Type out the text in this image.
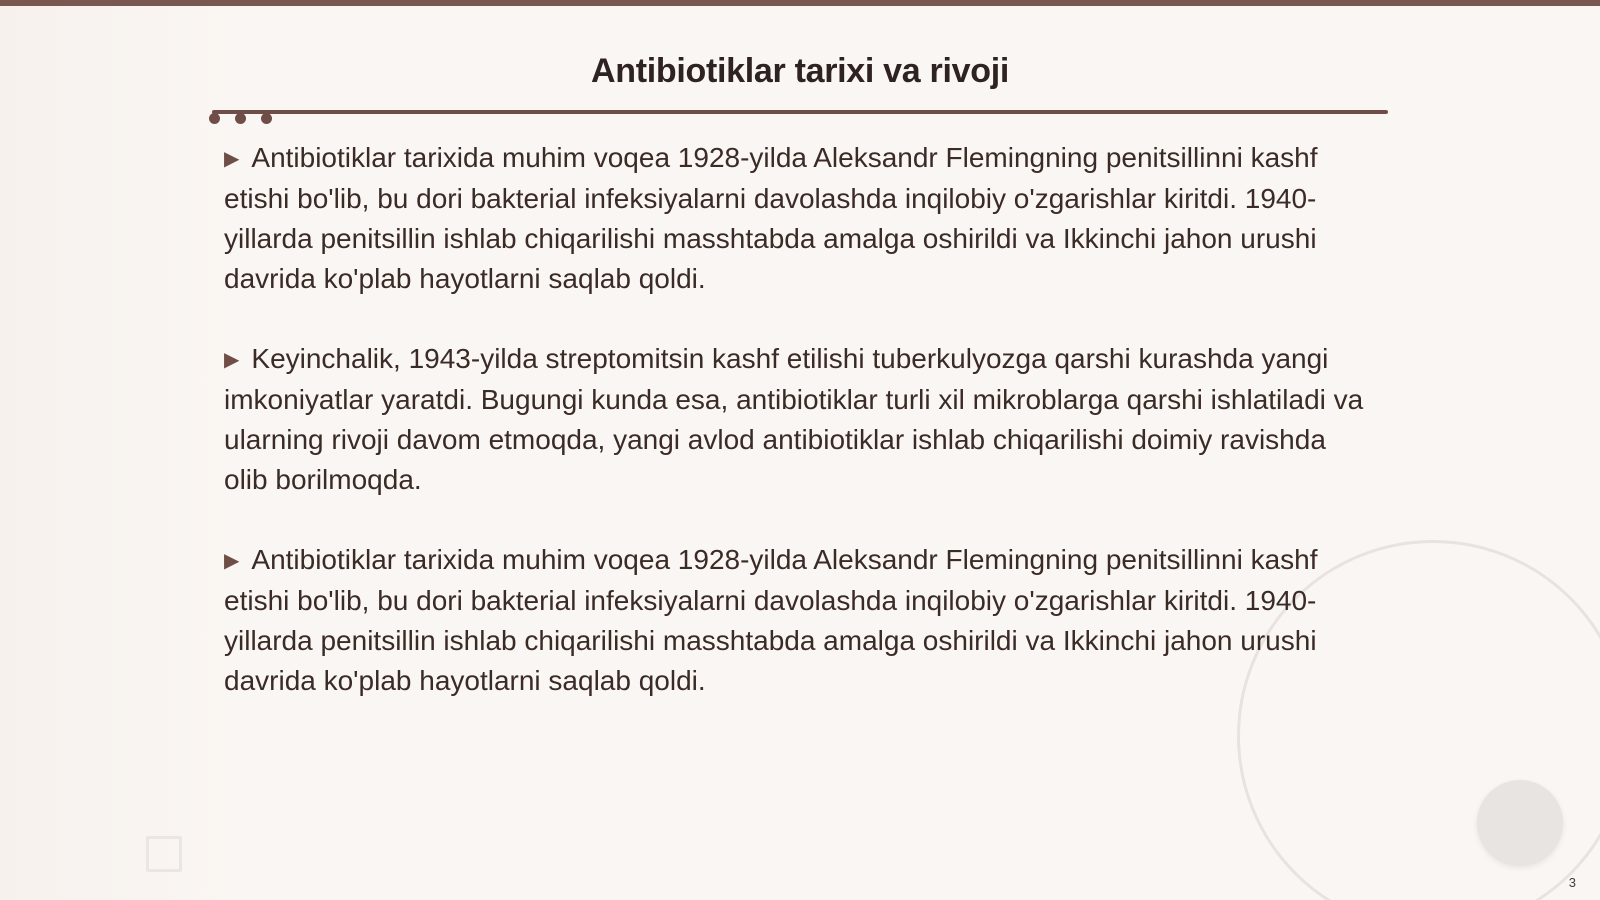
Antibiotiklar tarixi va rivoji

▶ Antibiotiklar tarixida muhim voqea 1928-yilda Aleksandr Flemingning penitsillinni kashf etishi bo'lib, bu dori bakterial infeksiyalarni davolashda inqilobiy o'zgarishlar kiritdi. 1940-yillarda penitsillin ishlab chiqarilishi masshtabda amalga oshirildi va Ikkinchi jahon urushi davrida ko'plab hayotlarni saqlab qoldi.

▶ Keyinchalik, 1943-yilda streptomitsin kashf etilishi tuberkulyozga qarshi kurashda yangi imkoniyatlar yaratdi. Bugungi kunda esa, antibiotiklar turli xil mikroblarga qarshi ishlatiladi va ularning rivoji davom etmoqda, yangi avlod antibiotiklar ishlab chiqarilishi doimiy ravishda olib borilmoqda.

▶ Antibiotiklar tarixida muhim voqea 1928-yilda Aleksandr Flemingning penitsillinni kashf etishi bo'lib, bu dori bakterial infeksiyalarni davolashda inqilobiy o'zgarishlar kiritdi. 1940-yillarda penitsillin ishlab chiqarilishi masshtabda amalga oshirildi va Ikkinchi jahon urushi davrida ko'plab hayotlarni saqlab qoldi.

3
